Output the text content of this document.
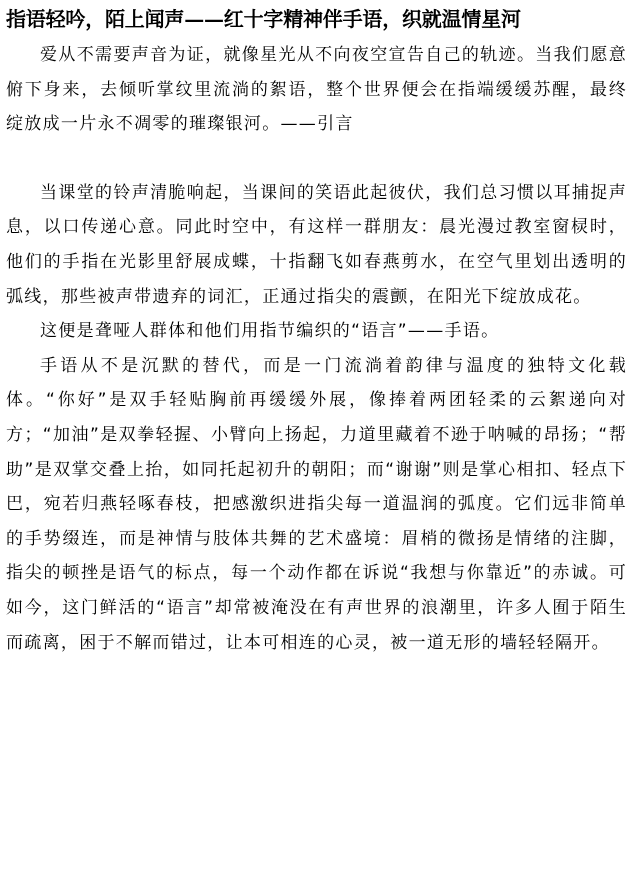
指语轻吟，陌上闻声——红十字精神伴手语，织就温情星河

爱从不需要声音为证，就像星光从不向夜空宣告自己的轨迹。当我们愿意俯下身来，去倾听掌纹里流淌的絮语，整个世界便会在指端缓缓苏醒，最终绽放成一片永不凋零的璀璨银河。——引言

当课堂的铃声清脆响起，当课间的笑语此起彼伏，我们总习惯以耳捕捉声息，以口传递心意。同此时空中，有这样一群朋友：晨光漫过教室窗棂时，他们的手指在光影里舒展成蝶，十指翻飞如春燕剪水，在空气里划出透明的弧线，那些被声带遗弃的词汇，正通过指尖的震颤，在阳光下绽放成花。

这便是聋哑人群体和他们用指节编织的“语言”——手语。

手语从不是沉默的替代，而是一门流淌着韵律与温度的独特文化载体。“你好”是双手轻贴胸前再缓缓外展，像捧着两团轻柔的云絮递向对方；“加油”是双拳轻握、小臂向上扬起，力道里藏着不逊于呐喊的昂扬；“帮助”是双掌交叠上抬，如同托起初升的朝阳；而“谢谢”则是掌心相扣、轻点下巴，宛若归燕轻啄春枝，把感激织进指尖每一道温润的弧度。它们远非简单的手势缀连，而是神情与肢体共舞的艺术盛境：眉梢的微扬是情绪的注脚，指尖的顿挫是语气的标点，每一个动作都在诉说“我想与你靠近”的赤诚。可如今，这门鲜活的“语言”却常被淹没在有声世界的浪潮里，许多人囿于陌生而疏离，困于不解而错过，让本可相连的心灵，被一道无形的墙轻轻隔开。
